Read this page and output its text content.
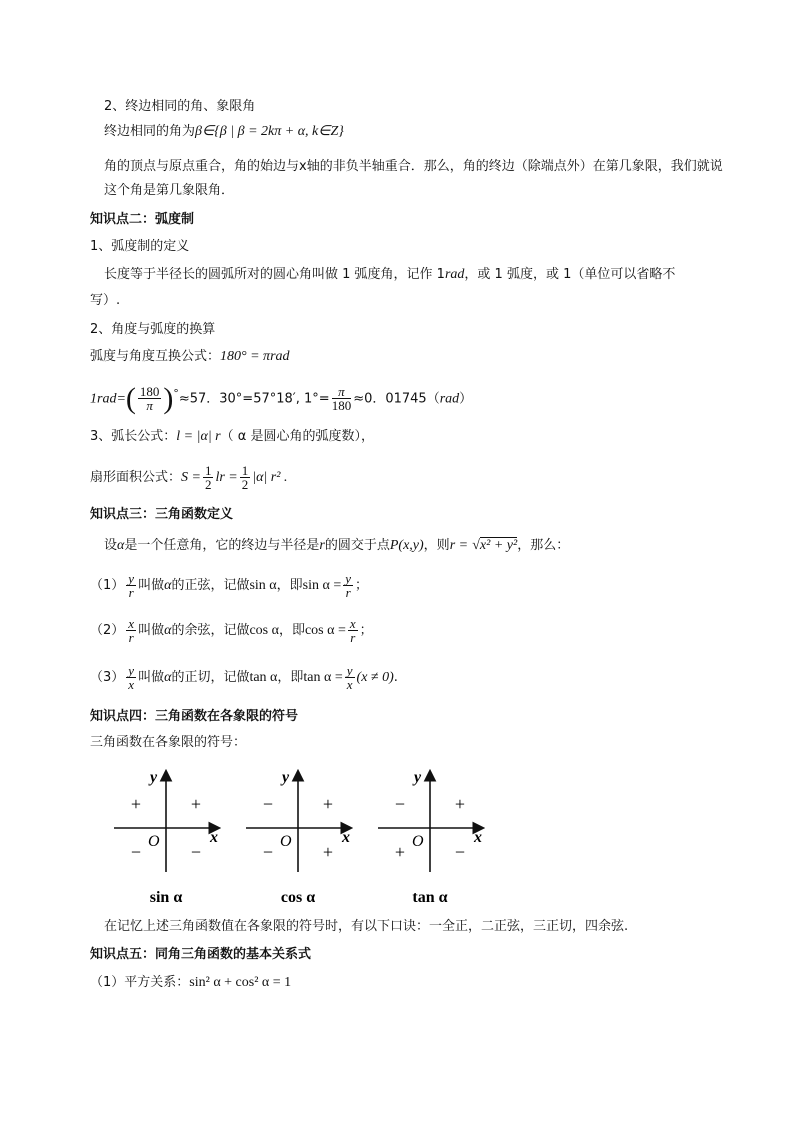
2、终边相同的角、象限角
终边相同的角为β∈{β | β = 2kπ + α, k∈Z}
角的顶点与原点重合，角的始边与x轴的非负半轴重合．那么，角的终边（除端点外）在第几象限，我们就说这个角是第几象限角．
知识点二：弧度制
1、弧度制的定义
长度等于半径长的圆弧所对的圆心角叫做 1 弧度角，记作 1rad，或 1 弧度，或 1（单位可以省略不
写）.
2、角度与弧度的换算
弧度与角度互换公式：180° = πrad
$1rad=( \frac{180}{\pi} )^\circ\approx 57$．30°=57°18′, $1^\circ= \frac{\pi}{180} \approx 0$．01745（rad）
3、弧长公式：l = |α| r（ α 是圆心角的弧度数），
扇形面积公式：$S = \frac{1}{2}$ lr = $\frac{1}{2} |\alpha|$ r² .
知识点三：三角函数定义
设α是一个任意角，它的终边与半径是r的圆交于点P(x,y)，则r = √x² + y²，那么：
$(1) \frac{y}{r}$ 叫做α的正弦，记做sin α，即$\sin \alpha = \frac{y}{r}$ ；
$(2) \frac{x}{r}$ 叫做α的余弦，记做cos α，即$\cos \alpha = \frac{x}{r}$ ；
$(3) \frac{y}{x}$ 叫做α的正切，记做tan α，即$\tan \alpha = \frac{y}{x} (x \ne 0)$.
知识点四：三角函数在各象限的符号
三角函数在各象限的符号：
x
y
O
+
+
−	−
sin α
x
y
O
+
−
−	+
cos α
x
y
O
+
−
+	−
tan α
在记忆上述三角函数值在各象限的符号时，有以下口诀：一全正，二正弦，三正切，四余弦.
知识点五：同角三角函数的基本关系式
（1）平方关系：sin² α + cos² α = 1
